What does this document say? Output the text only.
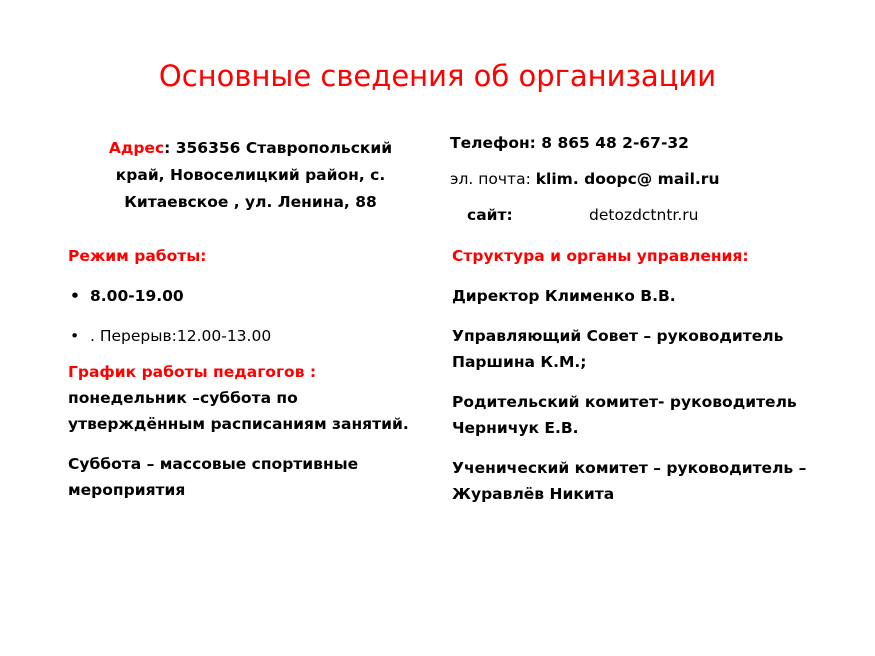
Основные сведения об организации
Адрес: 356356 Ставропольский
край, Новоселицкий район, с.
Китаевское , ул. Ленина, 88
Телефон: 8 865 48 2-67-32
эл. почта: klim. doopc@ mail.ru
сайт:	detozdctntr.ru
Режим работы:
• 8.00-19.00
• . Перерыв:12.00-13.00
График работы педагогов :
понедельник –суббота по утверждённым расписаниям занятий.
Суббота – массовые спортивные мероприятия
Структура и органы управления:
Директор Клименко В.В.
Управляющий Совет – руководитель Паршина К.М.;
Родительский комитет- руководитель Черничук Е.В.
Ученический комитет – руководитель – Журавлёв Никита
